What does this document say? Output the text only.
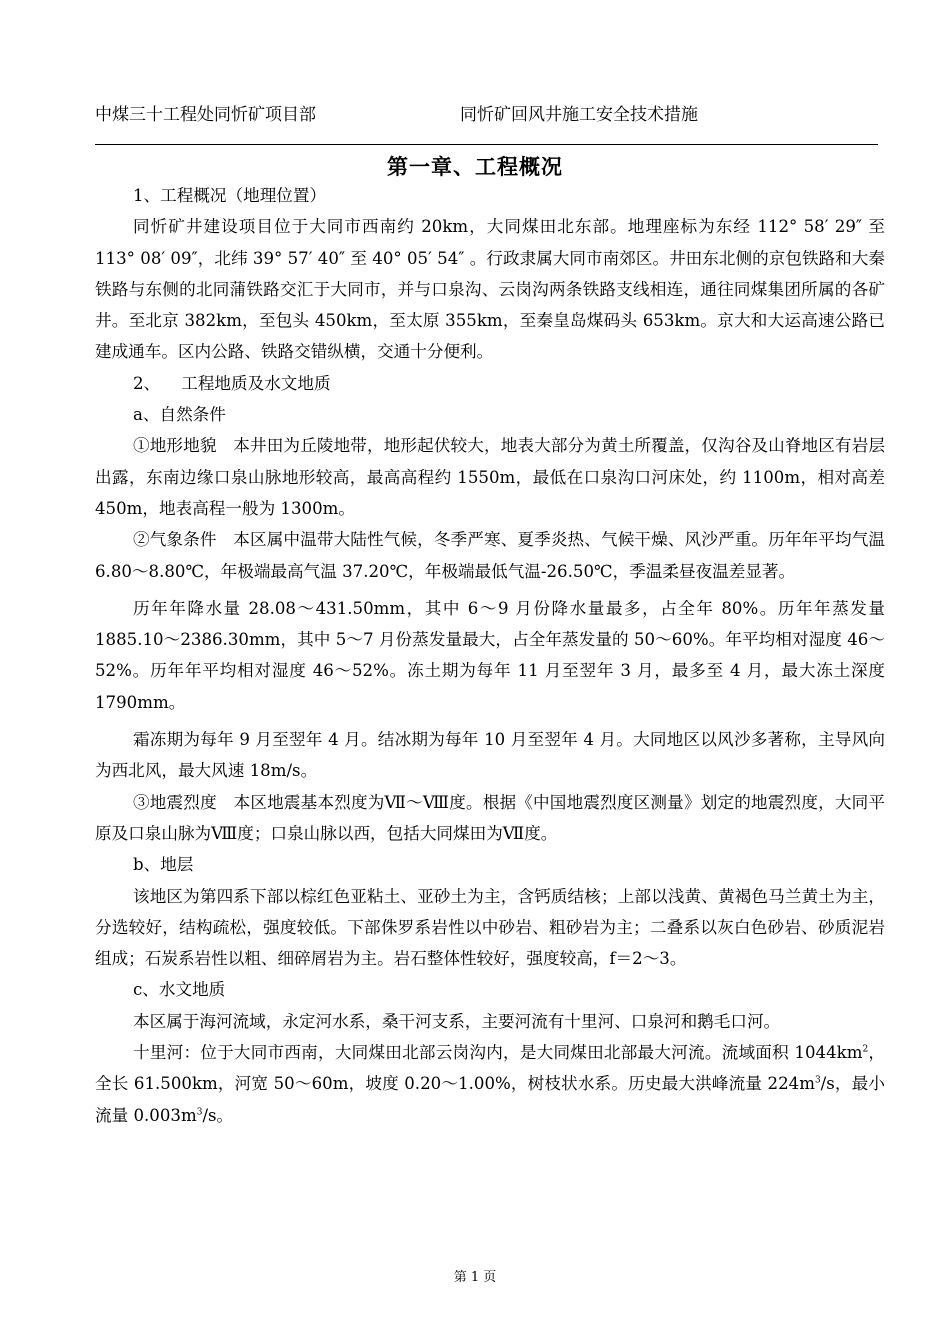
中煤三十工程处同忻矿项目部	同忻矿回风井施工安全技术措施
第一章、工程概况

1、工程概况（地理位置）

同忻矿井建设项目位于大同市西南约 20km，大同煤田北东部。地理座标为东经 112° 58′ 29″ 至 113° 08′ 09″，北纬 39° 57′ 40″ 至 40° 05′ 54″ 。行政隶属大同市南郊区。井田东北侧的京包铁路和大秦铁路与东侧的北同蒲铁路交汇于大同市，并与口泉沟、云岗沟两条铁路支线相连，通往同煤集团所属的各矿井。至北京 382km，至包头 450km，至太原 355km，至秦皇岛煤码头 653km。京大和大运高速公路已建成通车。区内公路、铁路交错纵横，交通十分便利。

2、    工程地质及水文地质

a、自然条件

①地形地貌　本井田为丘陵地带，地形起伏较大，地表大部分为黄土所覆盖，仅沟谷及山脊地区有岩层出露，东南边缘口泉山脉地形较高，最高高程约 1550m，最低在口泉沟口河床处，约 1100m，相对高差 450m，地表高程一般为 1300m。

②气象条件　本区属中温带大陆性气候，冬季严寒、夏季炎热、气候干燥、风沙严重。历年年平均气温 6.80～8.80℃，年极端最高气温 37.20℃，年极端最低气温-26.50℃，季温柔昼夜温差显著。

历年年降水量 28.08～431.50mm，其中 6～9 月份降水量最多，占全年 80%。历年年蒸发量 1885.10～2386.30mm，其中 5～7 月份蒸发量最大，占全年蒸发量的 50～60%。年平均相对湿度 46～52%。历年年平均相对湿度 46～52%。冻土期为每年 11 月至翌年 3 月，最多至 4 月，最大冻土深度 1790mm。

霜冻期为每年 9 月至翌年 4 月。结冰期为每年 10 月至翌年 4 月。大同地区以风沙多著称，主导风向为西北风，最大风速 18m/s。

③地震烈度　本区地震基本烈度为Ⅶ～Ⅷ度。根据《中国地震烈度区测量》划定的地震烈度，大同平原及口泉山脉为Ⅷ度；口泉山脉以西，包括大同煤田为Ⅶ度。

b、地层

该地区为第四系下部以棕红色亚粘土、亚砂土为主，含钙质结核；上部以浅黄、黄褐色马兰黄土为主，分选较好，结构疏松，强度较低。下部侏罗系岩性以中砂岩、粗砂岩为主；二叠系以灰白色砂岩、砂质泥岩组成；石炭系岩性以粗、细碎屑岩为主。岩石整体性较好，强度较高，f＝2～3。

c、水文地质

本区属于海河流域，永定河水系，桑干河支系，主要河流有十里河、口泉河和鹅毛口河。

十里河：位于大同市西南，大同煤田北部云岗沟内，是大同煤田北部最大河流。流域面积 $1044km^2$，全长 61.500km，河宽 50～60m，坡度 0.20～1.00%，树枝状水系。历史最大洪峰流量 $224m^3/s$，最小流量 $0.003m^3/s$。

第 1 页
